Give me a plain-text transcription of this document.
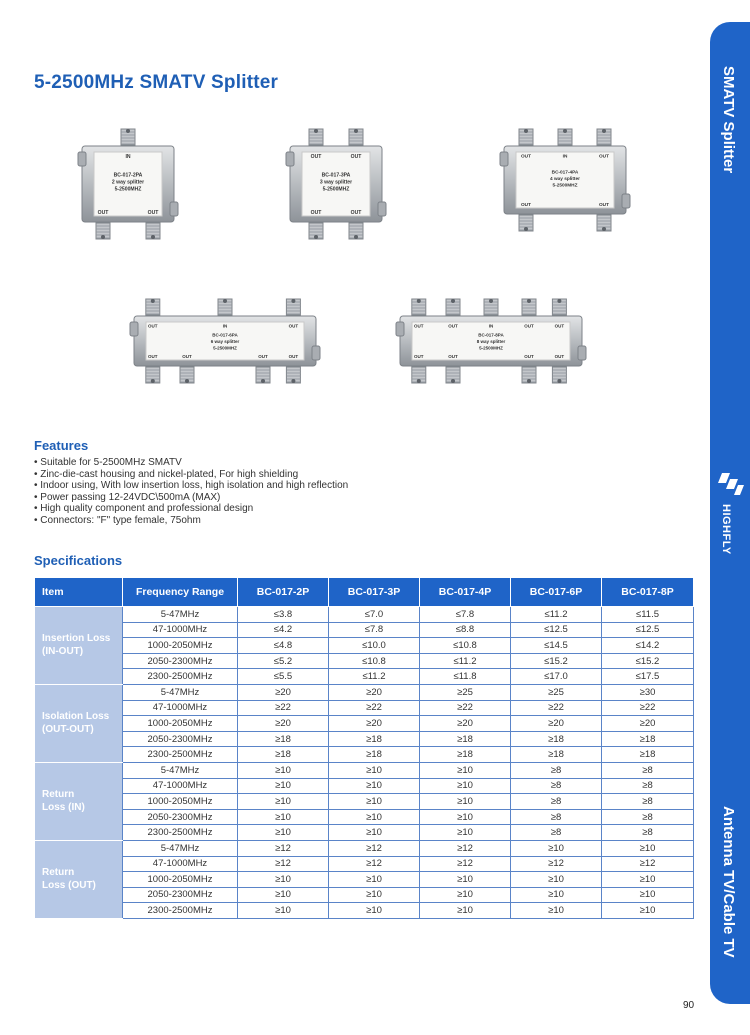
SMATV Splitter
HIGHFLY
Antenna TV/Cable TV
5-2500MHz SMATV Splitter
IN
OUT	OUT
BC-017-2PA
2 way splitter
5-2500MHZ
OUT	OUT
OUT	OUT
BC-017-3PA
3 way splitter
5-2500MHZ
OUT	IN	OUT
OUT	OUT
BC-017-4PA
4 way splitter
5-2500MHZ
OUT	IN	OUT
OUT	OUT	OUT	OUT
BC-017-6PA
6 way splitter
5-2500MHZ
OUT	OUT	IN	OUT	OUT
OUT	OUT	OUT	OUT
BC-017-8PA
8 way splitter
5-2500MHZ
Features
• Suitable for 5-2500MHz SMATV
• Zinc-die-cast housing and nickel-plated, For high shielding
• Indoor using, With low insertion loss, high isolation and high reflection
• Power passing 12-24VDC\500mA (MAX)
• High quality component and professional design
• Connectors: "F" type female, 75ohm
Specifications
Item	Frequency Range	BC-017-2P	BC-017-3P	BC-017-4P	BC-017-6P	BC-017-8P
Insertion Loss
(IN-OUT)	5-47MHz	≤3.8	≤7.0	≤7.8	≤11.2	≤11.5
	47-1000MHz	≤4.2	≤7.8	≤8.8	≤12.5	≤12.5
	1000-2050MHz	≤4.8	≤10.0	≤10.8	≤14.5	≤14.2
	2050-2300MHz	≤5.2	≤10.8	≤11.2	≤15.2	≤15.2
	2300-2500MHz	≤5.5	≤11.2	≤11.8	≤17.0	≤17.5
Isolation Loss
(OUT-OUT)	5-47MHz	≥20	≥20	≥25	≥25	≥30
	47-1000MHz	≥22	≥22	≥22	≥22	≥22
	1000-2050MHz	≥20	≥20	≥20	≥20	≥20
	2050-2300MHz	≥18	≥18	≥18	≥18	≥18
	2300-2500MHz	≥18	≥18	≥18	≥18	≥18
Return
Loss (IN)	5-47MHz	≥10	≥10	≥10	≥8	≥8
	47-1000MHz	≥10	≥10	≥10	≥8	≥8
	1000-2050MHz	≥10	≥10	≥10	≥8	≥8
	2050-2300MHz	≥10	≥10	≥10	≥8	≥8
	2300-2500MHz	≥10	≥10	≥10	≥8	≥8
Return
Loss (OUT)	5-47MHz	≥12	≥12	≥12	≥10	≥10
	47-1000MHz	≥12	≥12	≥12	≥12	≥12
	1000-2050MHz	≥10	≥10	≥10	≥10	≥10
	2050-2300MHz	≥10	≥10	≥10	≥10	≥10
	2300-2500MHz	≥10	≥10	≥10	≥10	≥10
90
